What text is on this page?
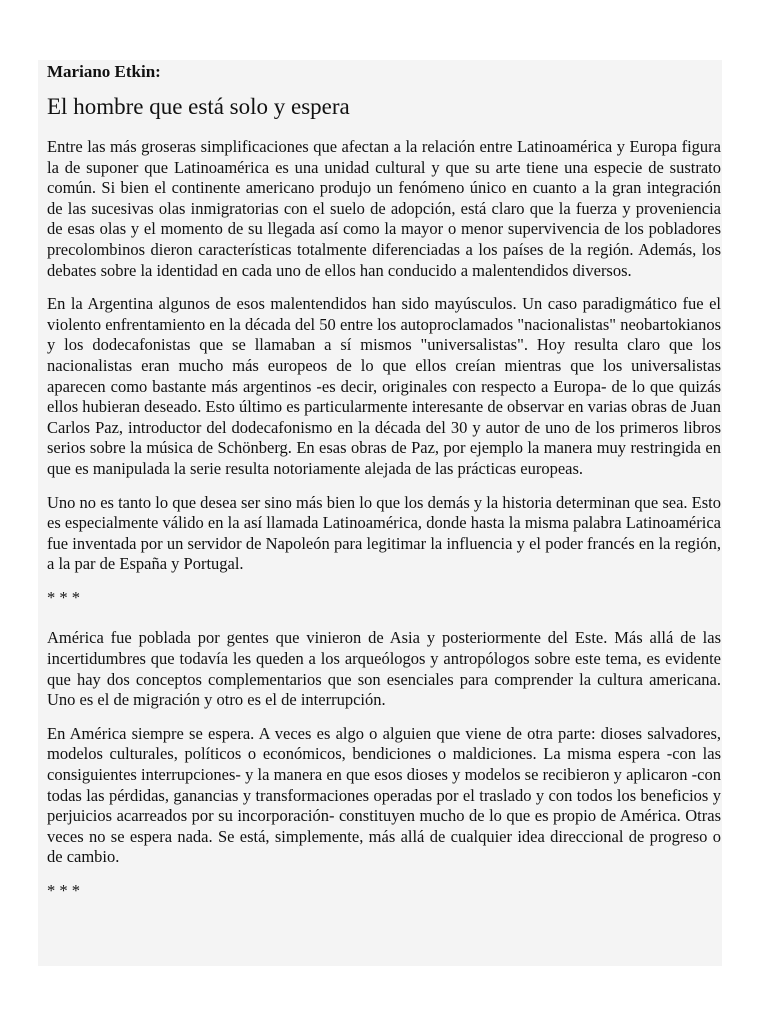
Mariano Etkin:
El hombre que está solo y espera

Entre las más groseras simplificaciones que afectan a la relación entre Latinoamérica y Europa figura la de suponer que Latinoamérica es una unidad cultural y que su arte tiene una especie de sustrato común. Si bien el continente americano produjo un fenómeno único en cuanto a la gran integración de las sucesivas olas inmigratorias con el suelo de adopción, está claro que la fuerza y proveniencia de esas olas y el momento de su llegada así como la mayor o menor supervivencia de los pobladores precolombinos dieron características totalmente diferenciadas a los países de la región. Además, los debates sobre la identidad en cada uno de ellos han conducido a malentendidos diversos.

En la Argentina algunos de esos malentendidos han sido mayúsculos. Un caso paradigmático fue el violento enfrentamiento en la década del 50 entre los autoproclamados "nacionalistas" neobartokianos y los dodecafonistas que se llamaban a sí mismos "universalistas". Hoy resulta claro que los nacionalistas eran mucho más europeos de lo que ellos creían mientras que los universalistas aparecen como bastante más argentinos -es decir, originales con respecto a Europa- de lo que quizás ellos hubieran deseado. Esto último es particularmente interesante de observar en varias obras de Juan Carlos Paz, introductor del dodecafonismo en la década del 30 y autor de uno de los primeros libros serios sobre la música de Schönberg. En esas obras de Paz, por ejemplo la manera muy restringida en que es manipulada la serie resulta notoriamente alejada de las prácticas europeas.

Uno no es tanto lo que desea ser sino más bien lo que los demás y la historia determinan que sea. Esto es especialmente válido en la así llamada Latinoamérica, donde hasta la misma palabra Latinoamérica fue inventada por un servidor de Napoleón para legitimar la influencia y el poder francés en la región, a la par de España y Portugal.

* * *

América fue poblada por gentes que vinieron de Asia y posteriormente del Este. Más allá de las incertidumbres que todavía les queden a los arqueólogos y antropólogos sobre este tema, es evidente que hay dos conceptos complementarios que son esenciales para comprender la cultura americana. Uno es el de migración y otro es el de interrupción.

En América siempre se espera. A veces es algo o alguien que viene de otra parte: dioses salvadores, modelos culturales, políticos o económicos, bendiciones o maldiciones. La misma espera -con las consiguientes interrupciones- y la manera en que esos dioses y modelos se recibieron y aplicaron -con todas las pérdidas, ganancias y transformaciones operadas por el traslado y con todos los beneficios y perjuicios acarreados por su incorporación- constituyen mucho de lo que es propio de América. Otras veces no se espera nada. Se está, simplemente, más allá de cualquier idea direccional de progreso o de cambio.

* * *
